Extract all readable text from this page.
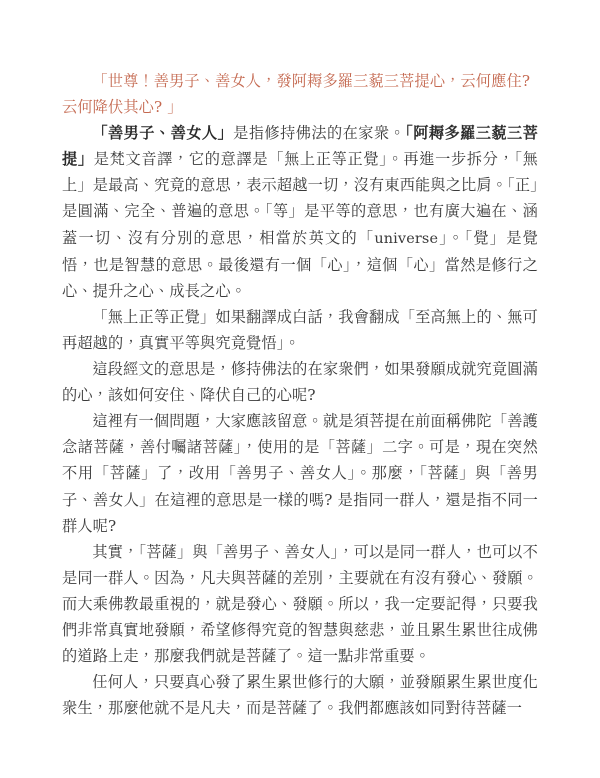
「世尊！善男子、善女人，發阿耨多羅三藐三菩提心，云何應住?
云何降伏其心? 」

「善男子、善女人」是指修持佛法的在家衆。「阿耨多羅三藐三菩提」是梵文音譯，它的意譯是「無上正等正覺」。再進一步拆分，「無上」是最高、究竟的意思，表示超越一切，沒有東西能與之比肩。「正」是圓滿、完全、普遍的意思。「等」是平等的意思，也有廣大遍在、涵蓋一切、沒有分別的意思，相當於英文的「universe」。「覺」是覺悟，也是智慧的意思。最後還有一個「心」，這個「心」當然是修行之心、提升之心、成長之心。

「無上正等正覺」如果翻譯成白話，我會翻成「至高無上的、無可再超越的，真實平等與究竟覺悟」。

這段經文的意思是，修持佛法的在家衆們，如果發願成就究竟圓滿的心，該如何安住、降伏自己的心呢?

這裡有一個問題，大家應該留意。就是須菩提在前面稱佛陀「善護念諸菩薩，善付囑諸菩薩」，使用的是「菩薩」二字。可是，現在突然不用「菩薩」了，改用「善男子、善女人」。那麼，「菩薩」與「善男子、善女人」在這裡的意思是一樣的嗎? 是指同一群人，還是指不同一群人呢?

其實，「菩薩」與「善男子、善女人」，可以是同一群人，也可以不是同一群人。因為，凡夫與菩薩的差別，主要就在有沒有發心、發願。而大乘佛教最重視的，就是發心、發願。所以，我一定要記得，只要我們非常真實地發願，希望修得究竟的智慧與慈悲，並且累生累世往成佛的道路上走，那麼我們就是菩薩了。這一點非常重要。

任何人，只要真心發了累生累世修行的大願，並發願累生累世度化衆生，那麼他就不是凡夫，而是菩薩了。我們都應該如同對待菩薩一
